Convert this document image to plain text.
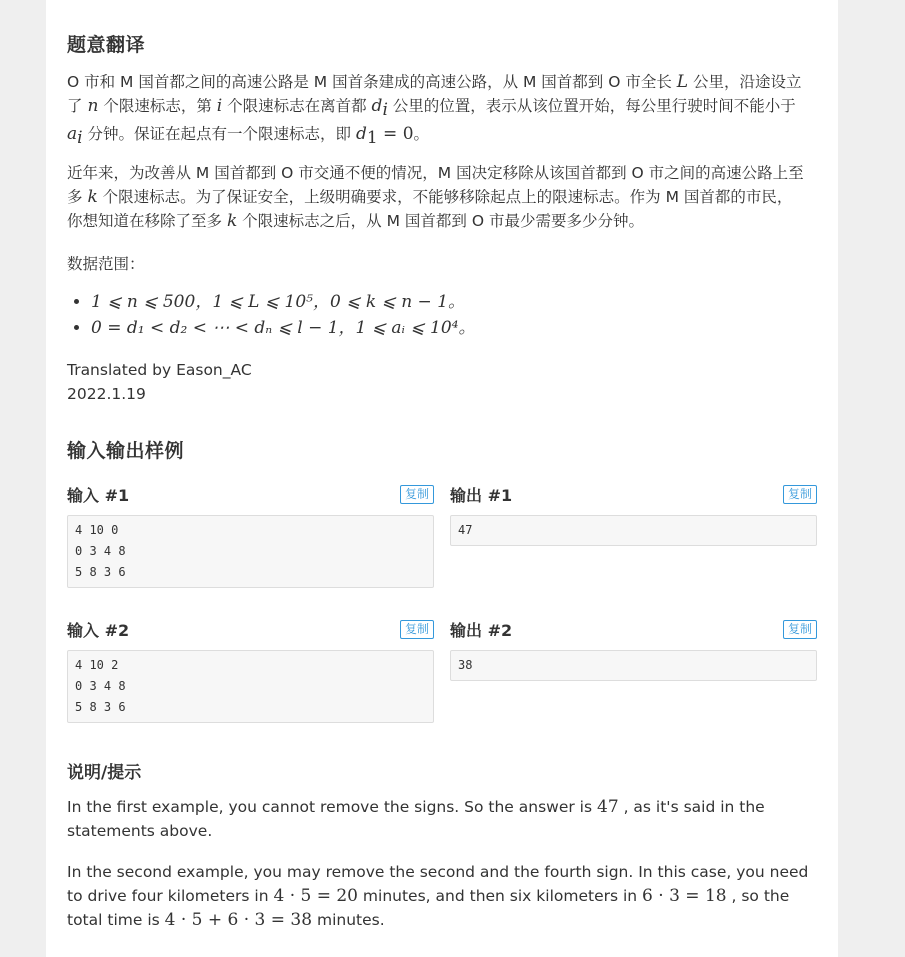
题意翻译

O 市和 M 国首都之间的高速公路是 M 国首条建成的高速公路，从 M 国首都到 O 市全长 L 公里，沿途设立了 n 个限速标志，第 i 个限速标志在离首都 $d_i$ 公里的位置，表示从该位置开始，每公里行驶时间不能小于 $a_i$ 分钟。保证在起点有一个限速标志，即 $d_1 = 0$。

近年来，为改善从 M 国首都到 O 市交通不便的情况，M 国决定移除从该国首都到 O 市之间的高速公路上至多 k 个限速标志。为了保证安全，上级明确要求，不能够移除起点上的限速标志。作为 M 国首都的市民，你想知道在移除了至多 k 个限速标志之后，从 M 国首都到 O 市最少需要多少分钟。

数据范围：

• 1 ⩽ n ⩽ 500，1 ⩽ L ⩽ 10⁵，0 ⩽ k ⩽ n − 1。
• 0 = d₁ < d₂ < ⋯ < dₙ ⩽ l − 1，1 ⩽ aᵢ ⩽ 10⁴。

Translated by Eason_AC

2022.1.19

输入输出样例
输入 #1	复制
4 10 0
0 3 4 8
5 8 3 6
输出 #1	复制
47
输入 #2	复制
4 10 2
0 3 4 8
5 8 3 6
输出 #2	复制
38
说明/提示

In the first example, you cannot remove the signs. So the answer is 47 , as it's said in the statements above.

In the second example, you may remove the second and the fourth sign. In this case, you need to drive four kilometers in 4 · 5 = 20 minutes, and then six kilometers in 6 · 3 = 18 , so the total time is 4 · 5 + 6 · 3 = 38 minutes.
